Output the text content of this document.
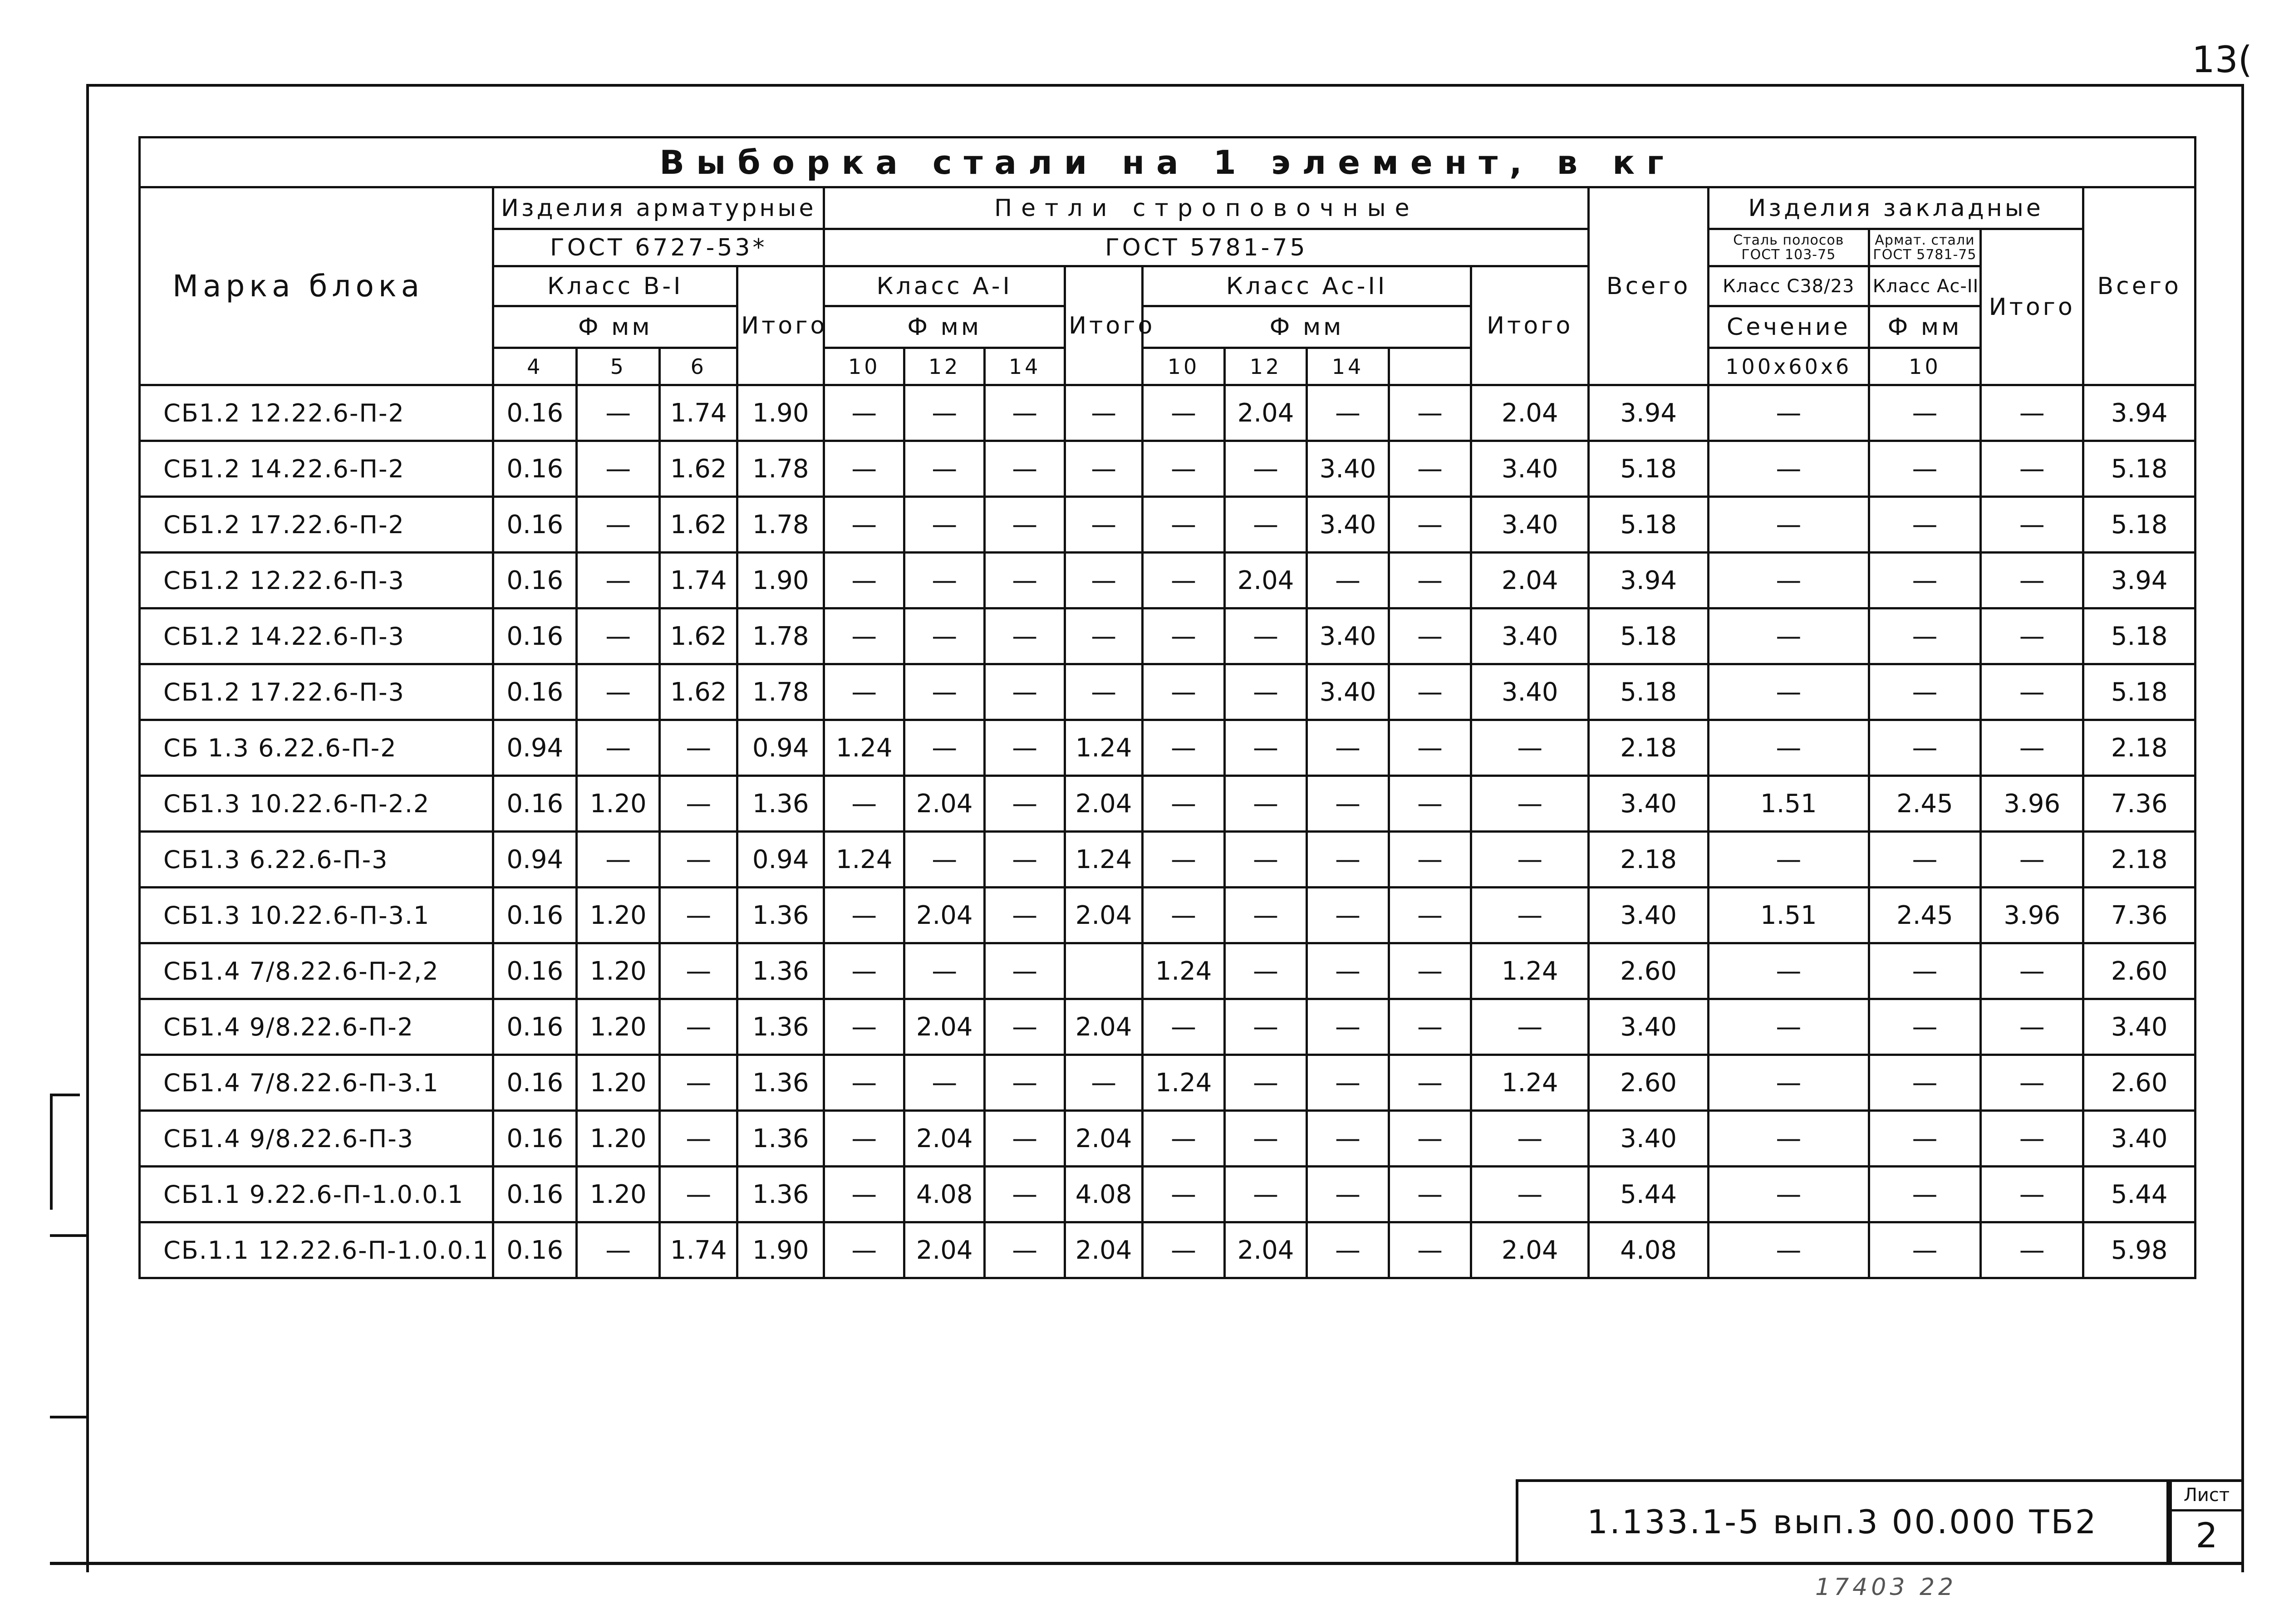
13(
Выборка стали на 1 элемент, в кг																		
Марка блока	Изделия арматурные				Петли строповочные									Всего	Изделия закладные			Всего
	ГОСТ 6727-53*				ГОСТ 5781-75										Сталь полосов ГОСТ 103-75	Армат. стали ГОСТ 5781-75	Итого	
	Класс В-I			Итого	Класс А-I			Итого	Класс Ас-II				Итого		Класс С38/23	Класс Ас-II		
	Ф мм				Ф мм				Ф мм						Сечение	Ф мм		
	4	5	6		10	12	14		10	12	14				100х60х6	10		
СБ1.2 12.22.6-П-2	0.16	—	1.74	1.90	—	—	—	—	—	2.04	—	—	2.04	3.94	—	—	—	3.94
СБ1.2 14.22.6-П-2	0.16	—	1.62	1.78	—	—	—	—	—	—	3.40	—	3.40	5.18	—	—	—	5.18
СБ1.2 17.22.6-П-2	0.16	—	1.62	1.78	—	—	—	—	—	—	3.40	—	3.40	5.18	—	—	—	5.18
СБ1.2 12.22.6-П-3	0.16	—	1.74	1.90	—	—	—	—	—	2.04	—	—	2.04	3.94	—	—	—	3.94
СБ1.2 14.22.6-П-3	0.16	—	1.62	1.78	—	—	—	—	—	—	3.40	—	3.40	5.18	—	—	—	5.18
СБ1.2 17.22.6-П-3	0.16	—	1.62	1.78	—	—	—	—	—	—	3.40	—	3.40	5.18	—	—	—	5.18
СБ 1.3 6.22.6-П-2	0.94	—	—	0.94	1.24	—	—	1.24	—	—	—	—	—	2.18	—	—	—	2.18
СБ1.3 10.22.6-П-2.2	0.16	1.20	—	1.36	—	2.04	—	2.04	—	—	—	—	—	3.40	1.51	2.45	3.96	7.36
СБ1.3 6.22.6-П-3	0.94	—	—	0.94	1.24	—	—	1.24	—	—	—	—	—	2.18	—	—	—	2.18
СБ1.3 10.22.6-П-3.1	0.16	1.20	—	1.36	—	2.04	—	2.04	—	—	—	—	—	3.40	1.51	2.45	3.96	7.36
СБ1.4 7/8.22.6-П-2,2	0.16	1.20	—	1.36	—	—	—		1.24	—	—	—	1.24	2.60	—	—	—	2.60
СБ1.4 9/8.22.6-П-2	0.16	1.20	—	1.36	—	2.04	—	2.04	—	—	—	—	—	3.40	—	—	—	3.40
СБ1.4 7/8.22.6-П-3.1	0.16	1.20	—	1.36	—	—	—	—	1.24	—	—	—	1.24	2.60	—	—	—	2.60
СБ1.4 9/8.22.6-П-3	0.16	1.20	—	1.36	—	2.04	—	2.04	—	—	—	—	—	3.40	—	—	—	3.40
СБ1.1 9.22.6-П-1.0.0.1	0.16	1.20	—	1.36	—	4.08	—	4.08	—	—	—	—	—	5.44	—	—	—	5.44
СБ.1.1 12.22.6-П-1.0.0.1	0.16	—	1.74	1.90	—	2.04	—	2.04	—	2.04	—	—	2.04	4.08	—	—	—	5.98
1.133.1-5 вып.3 00.000 ТБ2
Лист
2
17403 22
